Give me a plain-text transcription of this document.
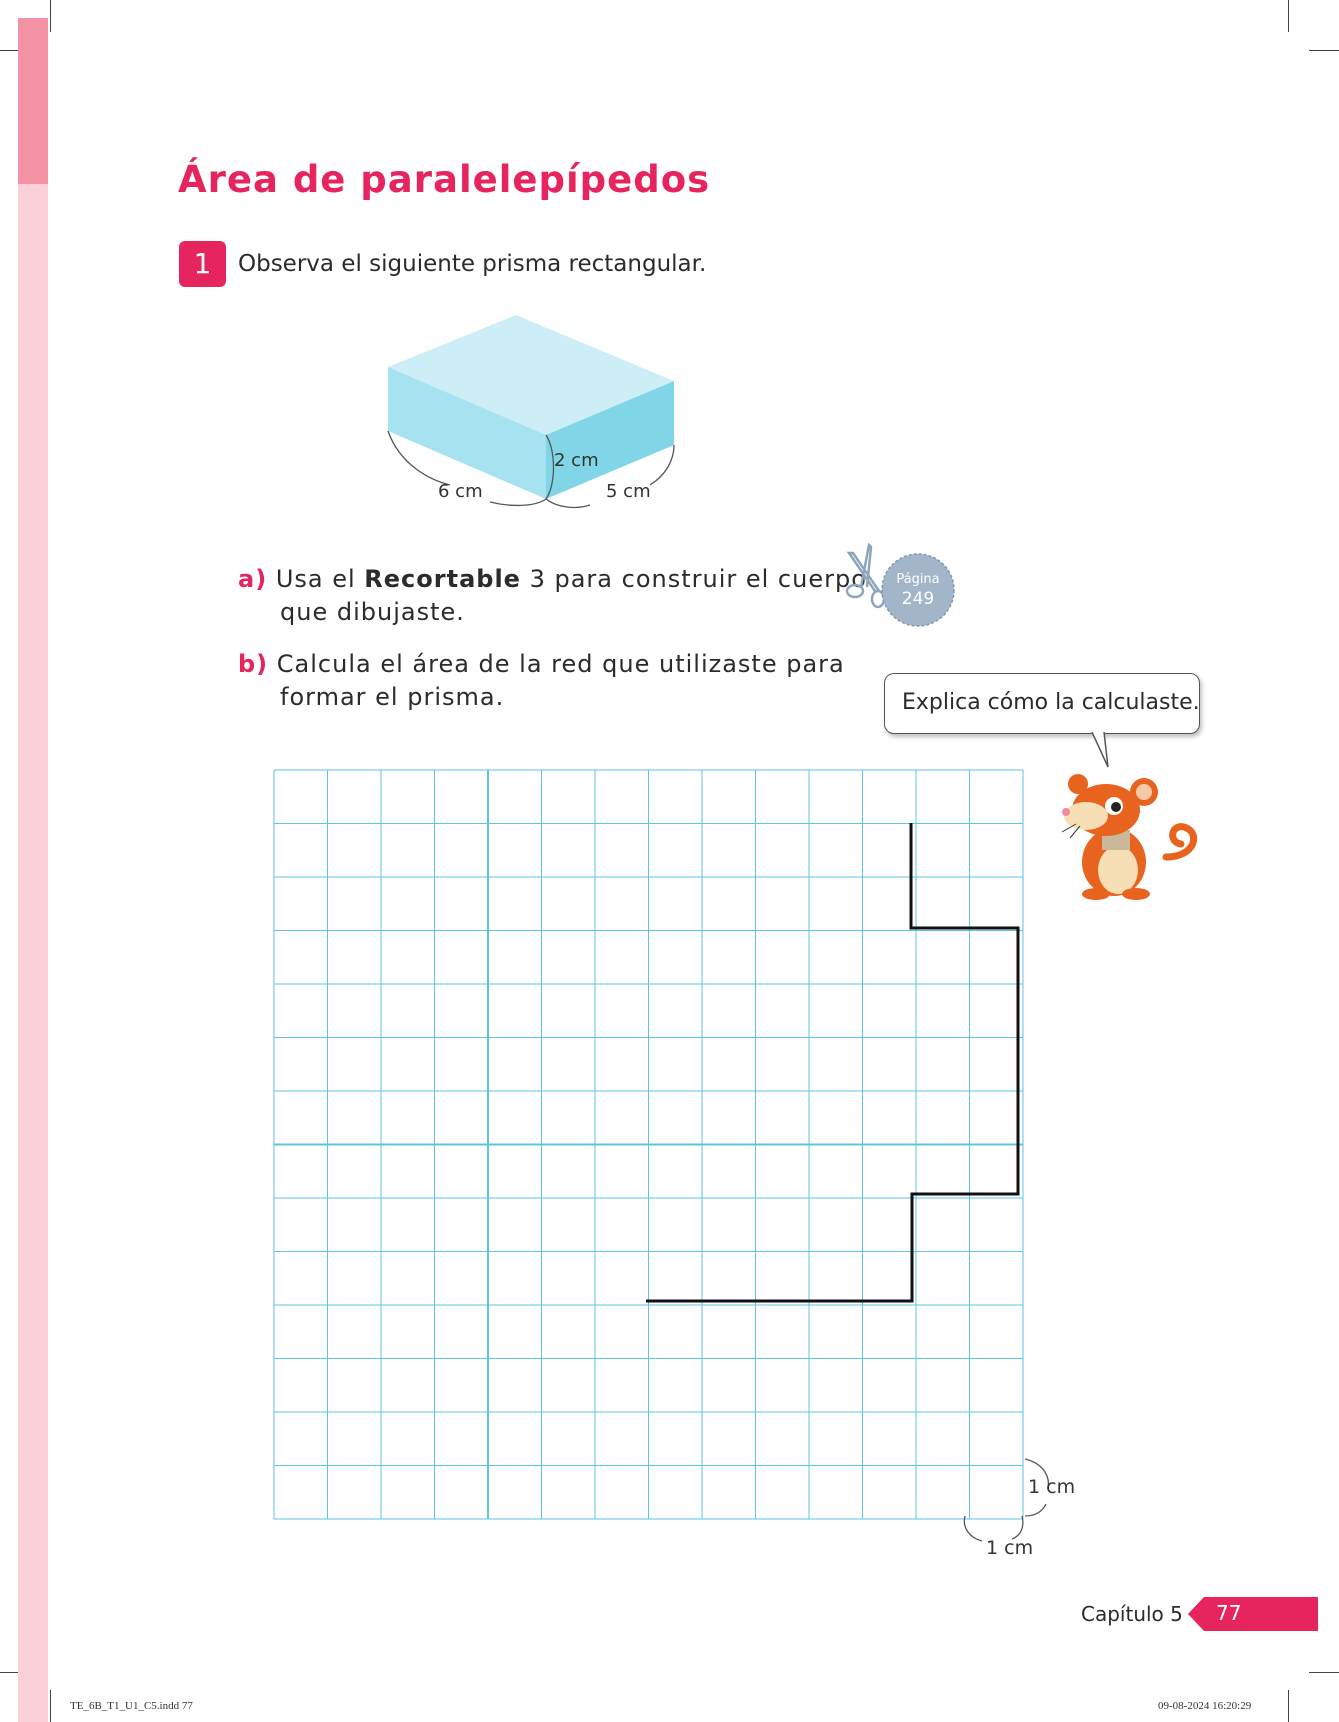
Área de paralelepípedos
1	Observa el siguiente prisma rectangular.
2 cm
6 cm	5 cm
a) Usa el Recortable 3 para construir el cuerpo
que dibujaste.
Página
249
b) Calcula el área de la red que utilizaste para
formar el prisma.	Explica cómo la calculaste.
1 cm
1 cm
Capítulo 5 77
TE_6B_T1_U1_C5.indd 77	09-08-2024 16:20:29
